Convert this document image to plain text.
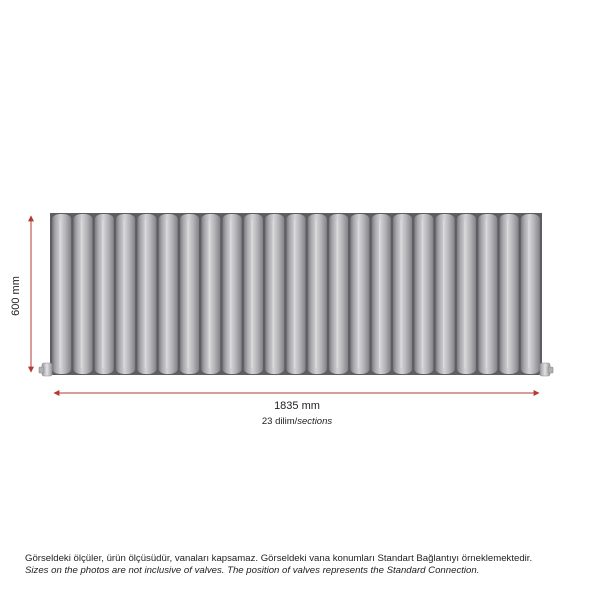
600 mm
1835 mm
23 dilim/sections

Görseldeki ölçüler, ürün ölçüsüdür, vanaları kapsamaz. Görseldeki vana konumları Standart Bağlantıyı örneklemektedir.

Sizes on the photos are not inclusive of valves. The position of valves represents the Standard Connection.
